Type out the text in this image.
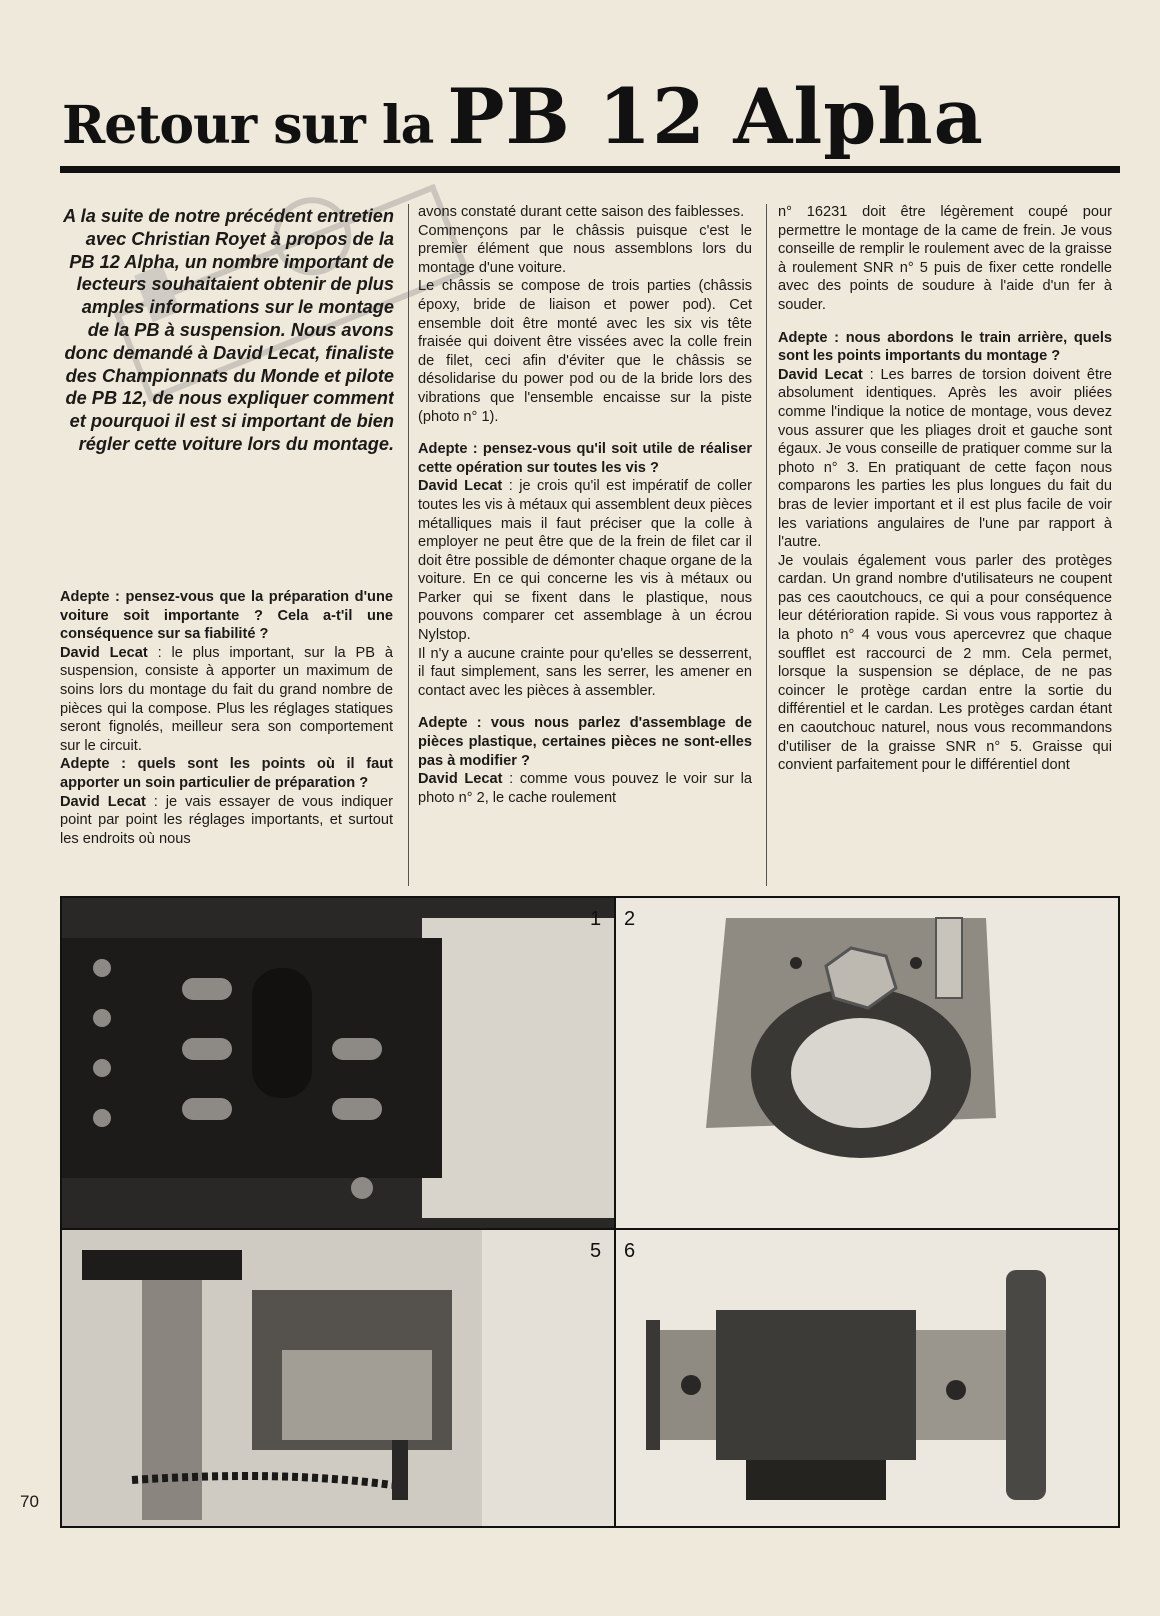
Retour sur la PB 12 Alpha

A la suite de notre précédent entretien avec Christian Royet à propos de la PB 12 Alpha, un nombre important de lecteurs souhaitaient obtenir de plus amples informations sur le montage de la PB à suspension. Nous avons donc demandé à David Lecat, finaliste des Championnats du Monde et pilote de PB 12, de nous expliquer comment et pourquoi il est si important de bien régler cette voiture lors du montage.

Adepte : pensez-vous que la préparation d'une voiture soit importante ? Cela a-t'il une conséquence sur sa fiabilité ?

David Lecat : le plus important, sur la PB à suspension, consiste à apporter un maximum de soins lors du montage du fait du grand nombre de pièces qui la compose. Plus les réglages statiques seront fignolés, meilleur sera son comportement sur le circuit.

Adepte : quels sont les points où il faut apporter un soin particulier de préparation ?

David Lecat : je vais essayer de vous indiquer point par point les réglages importants, et surtout les endroits où nous

avons constaté durant cette saison des faiblesses.

Commençons par le châssis puisque c'est le premier élément que nous assemblons lors du montage d'une voiture.

Le châssis se compose de trois parties (châssis époxy, bride de liaison et power pod). Cet ensemble doit être monté avec les six vis tête fraisée qui doivent être vissées avec la colle frein de filet, ceci afin d'éviter que le châssis se désolidarise du power pod ou de la bride lors des vibrations que l'ensemble encaisse sur la piste (photo n° 1).

Adepte : pensez-vous qu'il soit utile de réaliser cette opération sur toutes les vis ?

David Lecat : je crois qu'il est impératif de coller toutes les vis à métaux qui assemblent deux pièces métalliques mais il faut préciser que la colle à employer ne peut être que de la frein de filet car il doit être possible de démonter chaque organe de la voiture. En ce qui concerne les vis à métaux ou Parker qui se fixent dans le plastique, nous pouvons comparer cet assemblage à un écrou Nylstop.

Il n'y a aucune crainte pour qu'elles se desserrent, il faut simplement, sans les serrer, les amener en contact avec les pièces à assembler.

Adepte : vous nous parlez d'assemblage de pièces plastique, certaines pièces ne sont-elles pas à modifier ?

David Lecat : comme vous pouvez le voir sur la photo n° 2, le cache roulement

n° 16231 doit être légèrement coupé pour permettre le montage de la came de frein. Je vous conseille de remplir le roulement avec de la graisse à roulement SNR n° 5 puis de fixer cette rondelle avec des points de soudure à l'aide d'un fer à souder.

Adepte : nous abordons le train arrière, quels sont les points importants du montage ?

David Lecat : Les barres de torsion doivent être absolument identiques. Après les avoir pliées comme l'indique la notice de montage, vous devez vous assurer que les pliages droit et gauche sont égaux. Je vous conseille de pratiquer comme sur la photo n° 3. En pratiquant de cette façon nous comparons les parties les plus longues du fait du bras de levier important et il est plus facile de voir les variations angulaires de l'une par rapport à l'autre.

Je voulais également vous parler des protèges cardan. Un grand nombre d'utilisateurs ne coupent pas ces caoutchoucs, ce qui a pour conséquence leur détérioration rapide. Si vous vous rapportez à la photo n° 4 vous vous apercevrez que chaque soufflet est raccourci de 2 mm. Cela permet, lorsque la suspension se déplace, de ne pas coincer le protège cardan entre la sortie du différentiel et le cardan. Les protèges cardan étant en caoutchouc naturel, nous vous recommandons d'utiliser de la graisse SNR n° 5. Graisse qui convient parfaitement pour le différentiel dont

1 2
5 6
70
